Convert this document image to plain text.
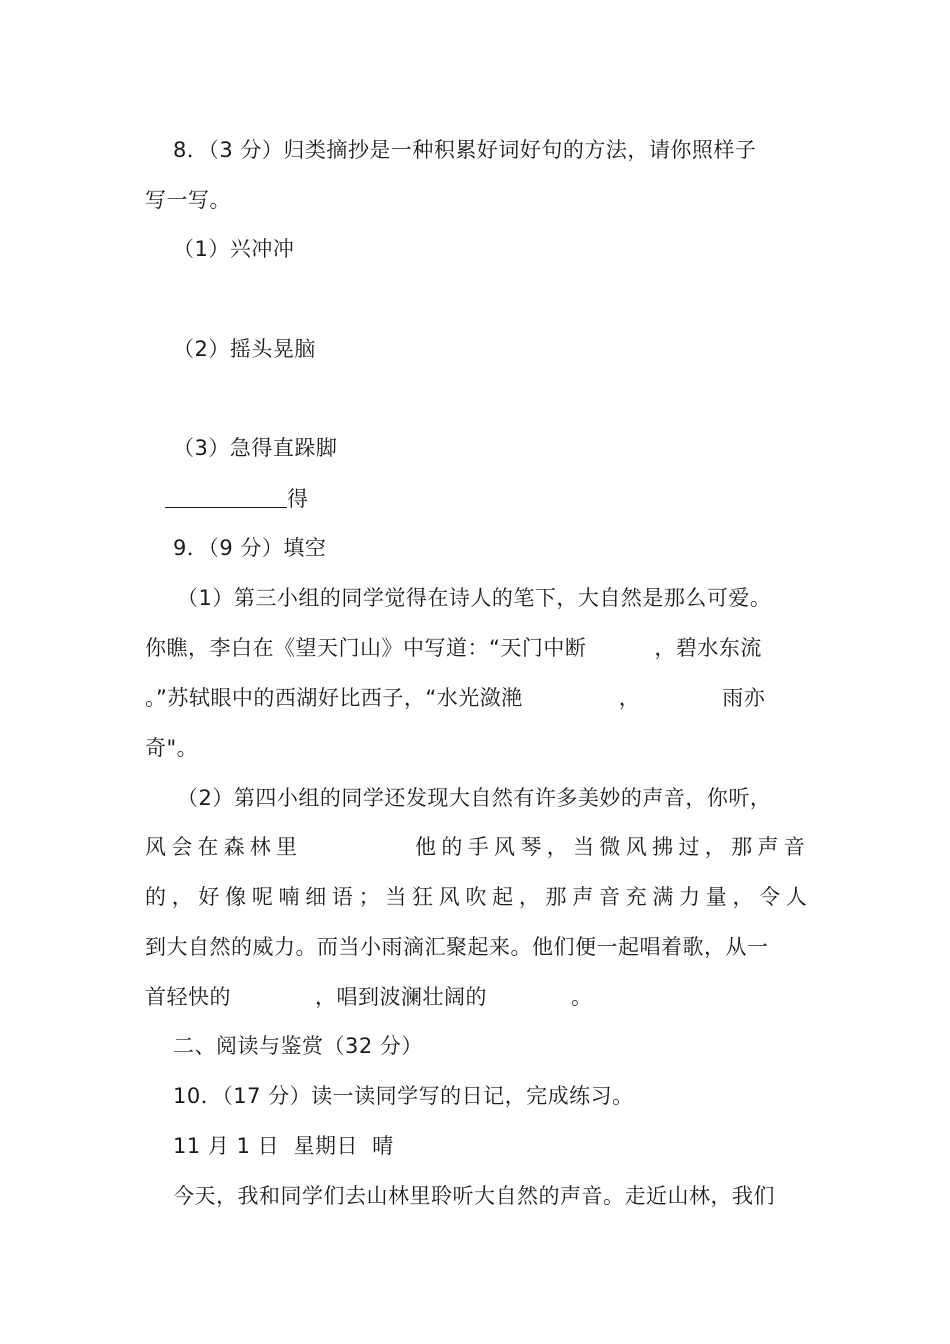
8．（3 分）归类摘抄是一种积累好词好句的方法，请你照样子
写一写。
（1）兴冲冲
（2）摇头晃脑
（3）急得直跺脚
得
9．（9 分）填空
（1）第三小组的同学觉得在诗人的笔下，大自然是那么可爱。
你瞧，李白在《望天门山》中写道：“天门中断	，碧水东流
。”苏轼眼中的西湖好比西子，“水光潋滟	，	雨亦
奇"。
（2）第四小组的同学还发现大自然有许多美妙的声音，你听，
风 会 在 森 林 里	他 的 手 风 琴 ， 当 微 风 拂 过 ， 那 声 音
的 ， 好 像 呢 喃 细 语 ； 当 狂 风 吹 起 ， 那 声 音 充 满 力 量 ， 令 人
到大自然的威力。而当小雨滴汇聚起来。他们便一起唱着歌，从一
首轻快的	，唱到波澜壮阔的	。
二、阅读与鉴赏（32 分）
10．（17 分）读一读同学写的日记，完成练习。
11 月 1 日  星期日  晴
今天，我和同学们去山林里聆听大自然的声音。走近山林，我们
